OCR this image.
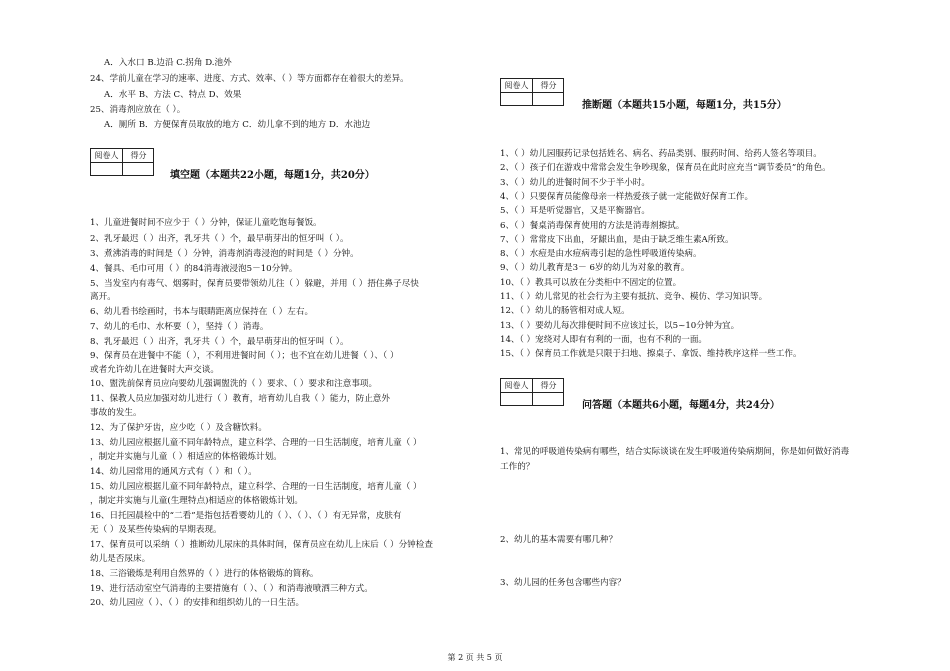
A．入水口 B.边沿 C.拐角 D.池外
24、学前儿童在学习的速率、进度、方式、效率、（ ）等方面都存在着很大的差异。
A．水平 B、方法 C、特点 D、效果
25、消毒剂应放在（ ）。
A．厕所 B．方便保育员取放的地方 C．幼儿拿不到的地方 D．水池边
阅卷人	得分
填空题（本题共22小题，每题1分，共20分）
1、儿童进餐时间不应少于（ ）分钟，保证儿童吃饱每餐饭。
2、乳牙最迟（ ）出齐，乳牙共（ ）个，最早萌芽出的恒牙叫（ ）。
3、煮沸消毒的时间是（ ）分钟，消毒剂消毒浸泡的时间是（ ）分钟。
4、餐具、毛巾可用（ ）的84消毒液浸泡5－10分钟。
5、当发室内有毒气、烟雾时，保育员要带领幼儿往（ ）躲避，并用（ ）捂住鼻子尽快
离开。
6、幼儿看书绘画时，书本与眼睛距离应保持在（ ）左右。
7、幼儿的毛巾、水杯要（ ），坚持（ ）消毒。
8、乳牙最迟（ ）出齐，乳牙共（ ）个，最早萌芽出的恒牙叫（ ）。
9、保育员在进餐中不能（ ），不利用进餐时间（ ）；也不宜在幼儿进餐（ ）、（ ）
或者允许幼儿在进餐时大声交谈。
10、盥洗前保育员应向要幼儿强调盥洗的（ ）要求、（ ）要求和注意事项。
11、保教人员应加强对幼儿进行（ ）教育，培育幼儿自我（ ）能力，防止意外
事故的发生。
12、为了保护牙齿，应少吃（ ）及含糖饮料。
13、幼儿园应根据儿童不同年龄特点，建立科学、合理的一日生活制度，培育儿童（ ）
，制定并实施与儿童（ ）相适应的体格锻炼计划。
14、幼儿园常用的通风方式有（ ）和（ ）。
15、幼儿园应根据儿童不同年龄特点，建立科学、合理的一日生活制度，培育儿童（ ）
，制定并实施与儿童(生理特点)相适应的体格锻炼计划。
16、日托园晨检中的“二看”是指包括看婴幼儿的（ ）、（ ）、（ ）有无异常，皮肤有
无（ ）及某些传染病的早期表现。
17、保育员可以采纳（ ）推断幼儿尿床的具体时间，保育员应在幼儿上床后（ ）分钟检查
幼儿是否尿床。
18、三浴锻炼是利用自然界的（ ）进行的体格锻炼的简称。
19、进行活动室空气消毒的主要措施有（ ）、（ ）和消毒液喷洒三种方式。
20、幼儿园应（ ）、（ ）的安排和组织幼儿的一日生活。
阅卷人	得分
推断题（本题共15小题，每题1分，共15分）
1、（ ）幼儿园服药记录包括姓名、病名、药品类别、服药时间、给药人签名等项目。
2、（ ）孩子们在游戏中常常会发生争吵现象，保育员在此时应充当“调节委员”的角色。
3、（ ）幼儿的进餐时间不少于半小时。
4、（ ）只要保育员能像母亲一样热爱孩子就一定能做好保育工作。
5、（ ）耳是听觉器官，又是平衡器官。
6、（ ）餐桌消毒保育使用的方法是消毒剂擦拭。
7、（ ）常常皮下出血，牙龈出血，是由于缺乏维生素A所致。
8、（ ）水痘是由水痘病毒引起的急性呼吸道传染病。
9、（ ）幼儿教育是3－ 6岁的幼儿为对象的教育。
10、（ ）教具可以放在分类柜中不固定的位置。
11、（ ）幼儿常见的社会行为主要有抵抗、竞争、模仿、学习知识等。
12、（ ）幼儿的肠管相对成人短。
13、（ ）要幼儿每次排便时间不应该过长，以5~10分钟为宜。
14、（ ）宠绕对人即有有利的一面，也有不利的一面。
15、（ ）保育员工作就是只限于扫地、擦桌子、拿饭、维持秩序这样一些工作。
阅卷人	得分
问答题（本题共6小题，每题4分，共24分）
1、常见的呼吸道传染病有哪些，结合实际谈谈在发生呼吸道传染病期间，你是如何做好消毒
工作的？
2、幼儿的基本需要有哪几种？
3、幼儿园的任务包含哪些内容？
第 2 页 共 5 页
